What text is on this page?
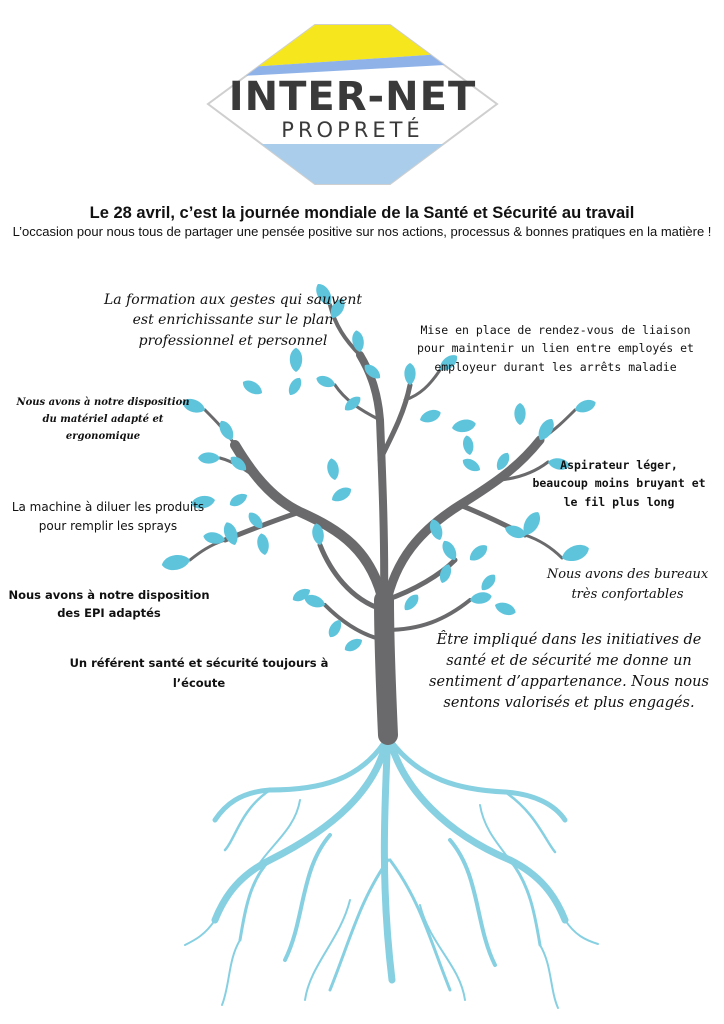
INTER-NET
PROPRETÉ
Le 28 avril, c’est la journée mondiale de la Santé et Sécurité au travail
L’occasion pour nous tous de partager une pensée positive sur nos actions, processus & bonnes pratiques en la matière !
La formation aux gestes qui sauvent est enrichissante sur le plan professionnel et personnel
Mise en place de rendez-vous de liaison pour maintenir un lien entre employés et employeur durant les arrêts maladie
Nous avons à notre disposition du matériel adapté et ergonomique
Aspirateur léger, beaucoup moins bruyant et le fil plus long
La machine à diluer les produits pour remplir les sprays
Nous avons des bureaux très confortables
Nous avons à notre disposition des EPI adaptés
Être impliqué dans les initiatives de santé et de sécurité me donne un sentiment d’appartenance. Nous nous sentons valorisés et plus engagés.
Un référent santé et sécurité toujours à l’écoute
